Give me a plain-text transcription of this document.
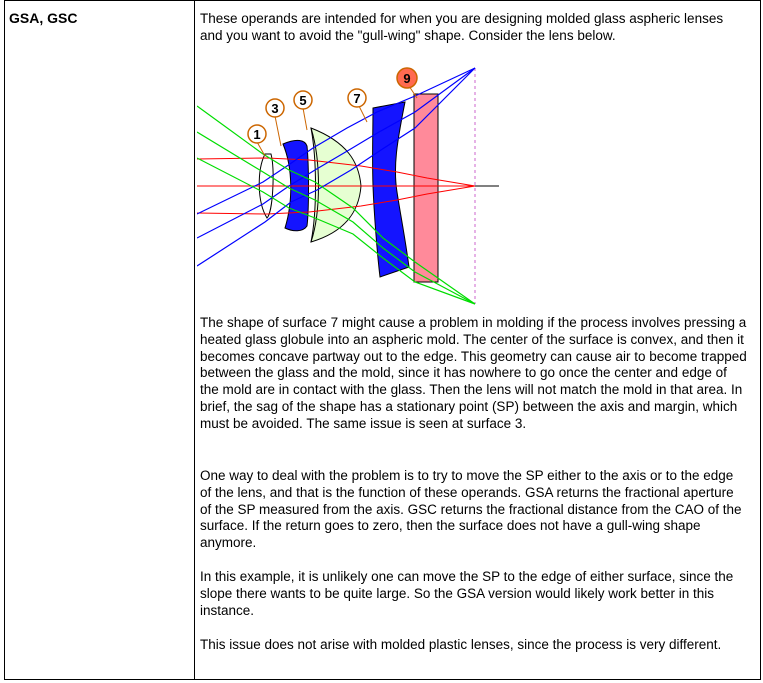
GSA, GSC	These operands are intended for when you are designing molded glass aspheric lenses and you want to avoid the "gull-wing" shape. Consider the lens below.

1
3
5	7
9

The shape of surface 7 might cause a problem in molding if the process involves pressing a heated glass globule into an aspheric mold. The center of the surface is convex, and then it becomes concave partway out to the edge. This geometry can cause air to become trapped between the glass and the mold, since it has nowhere to go once the center and edge of the mold are in contact with the glass. Then the lens will not match the mold in that area. In brief, the sag of the shape has a stationary point (SP) between the axis and margin, which must be avoided. The same issue is seen at surface 3.

One way to deal with the problem is to try to move the SP either to the axis or to the edge of the lens, and that is the function of these operands. GSA returns the fractional aperture of the SP measured from the axis. GSC returns the fractional distance from the CAO of the surface. If the return goes to zero, then the surface does not have a gull-wing shape anymore.

In this example, it is unlikely one can move the SP to the edge of either surface, since the slope there wants to be quite large. So the GSA version would likely work better in this instance.

This issue does not arise with molded plastic lenses, since the process is very different.
